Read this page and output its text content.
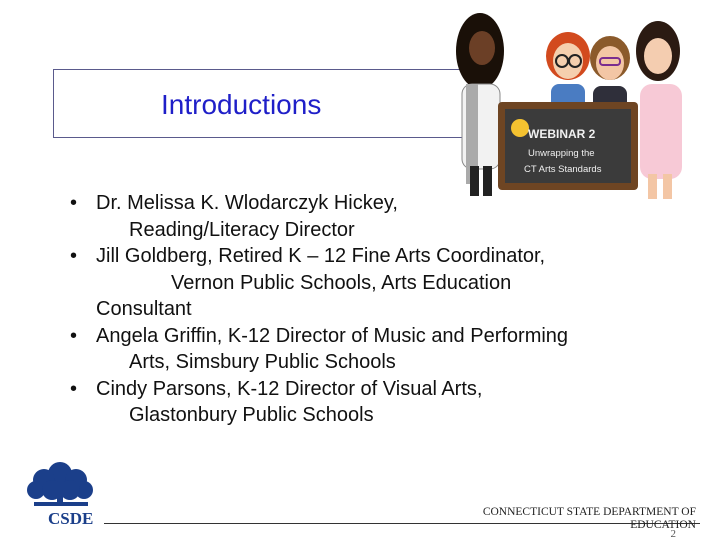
Introductions
WEBINAR 2
Unwrapping the
CT Arts Standards
• Dr. Melissa K. Wlodarczyk Hickey,
Reading/Literacy Director
• Jill Goldberg, Retired K – 12 Fine Arts Coordinator,
Vernon Public Schools, Arts Education
Consultant
• Angela Griffin, K-12 Director of Music and Performing
Arts, Simsbury Public Schools
• Cindy Parsons, K-12 Director of Visual Arts,
Glastonbury Public Schools
CSDE	CONNECTICUT STATE DEPARTMENT OF
EDUCATION
2
